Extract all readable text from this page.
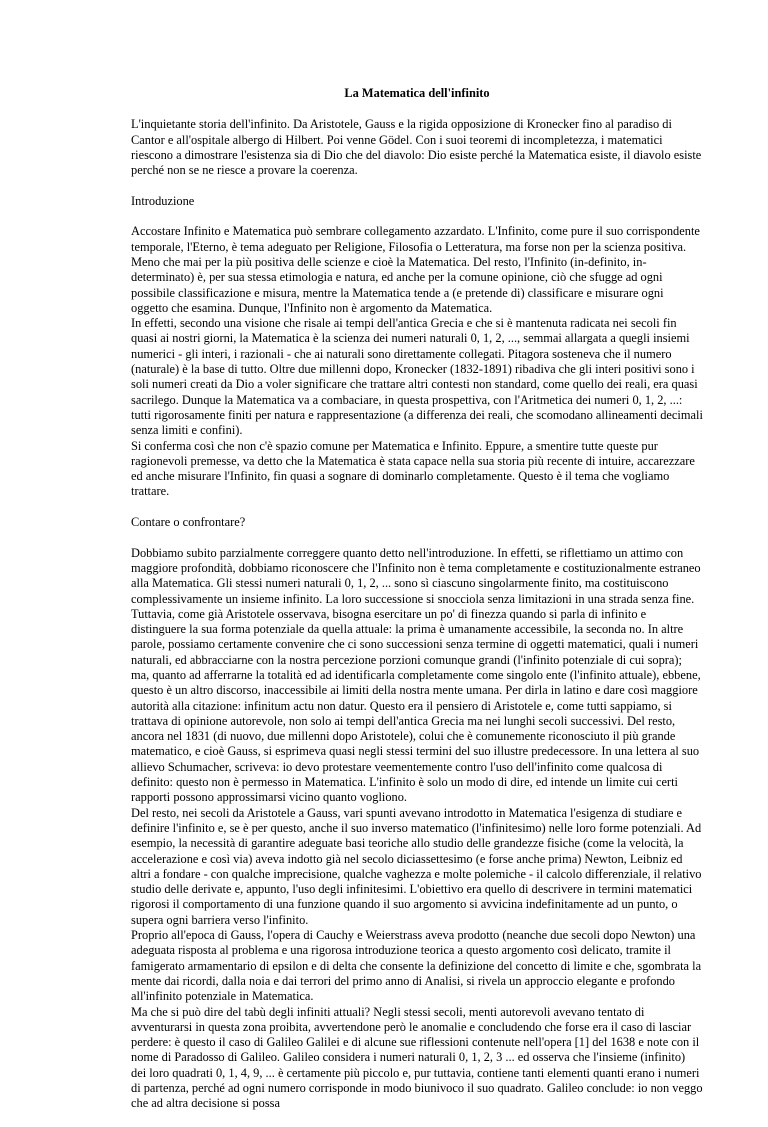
La Matematica dell'infinito

L'inquietante storia dell'infinito. Da Aristotele, Gauss e la rigida opposizione di Kronecker fino al paradiso di Cantor e all'ospitale albergo di Hilbert. Poi venne Gödel. Con i suoi teoremi di incompletezza, i matematici riescono a dimostrare l'esistenza sia di Dio che del diavolo: Dio esiste perché la Matematica esiste, il diavolo esiste perché non se ne riesce a provare la coerenza.

Introduzione

Accostare Infinito e Matematica può sembrare collegamento azzardato. L'Infinito, come pure il suo corrispondente temporale, l'Eterno, è tema adeguato per Religione, Filosofia o Letteratura, ma forse non per la scienza positiva. Meno che mai per la più positiva delle scienze e cioè la Matematica. Del resto, l'Infinito (in-definito, in-determinato) è, per sua stessa etimologia e natura, ed anche per la comune opinione, ciò che sfugge ad ogni possibile classificazione e misura, mentre la Matematica tende a (e pretende di) classificare e misurare ogni oggetto che esamina. Dunque, l'Infinito non è argomento da Matematica.
In effetti, secondo una visione che risale ai tempi dell'antica Grecia e che si è mantenuta radicata nei secoli fin quasi ai nostri giorni, la Matematica è la scienza dei numeri naturali 0, 1, 2, ..., semmai allargata a quegli insiemi numerici - gli interi, i razionali - che ai naturali sono direttamente collegati. Pitagora sosteneva che il numero (naturale) è la base di tutto. Oltre due millenni dopo, Kronecker (1832-1891) ribadiva che gli interi positivi sono i soli numeri creati da Dio a voler significare che trattare altri contesti non standard, come quello dei reali, era quasi sacrilego. Dunque la Matematica va a combaciare, in questa prospettiva, con l'Aritmetica dei numeri 0, 1, 2, ...: tutti rigorosamente finiti per natura e rappresentazione (a differenza dei reali, che scomodano allineamenti decimali senza limiti e confini).
Si conferma così che non c'è spazio comune per Matematica e Infinito. Eppure, a smentire tutte queste pur ragionevoli premesse, va detto che la Matematica è stata capace nella sua storia più recente di intuire, accarezzare ed anche misurare l'Infinito, fin quasi a sognare di dominarlo completamente. Questo è il tema che vogliamo trattare.

Contare o confrontare?

Dobbiamo subito parzialmente correggere quanto detto nell'introduzione. In effetti, se riflettiamo un attimo con maggiore profondità, dobbiamo riconoscere che l'Infinito non è tema completamente e costituzionalmente estraneo alla Matematica. Gli stessi numeri naturali 0, 1, 2, ... sono sì ciascuno singolarmente finito, ma costituiscono complessivamente un insieme infinito. La loro successione si snocciola senza limitazioni in una strada senza fine. Tuttavia, come già Aristotele osservava, bisogna esercitare un po' di finezza quando si parla di infinito e distinguere la sua forma potenziale da quella attuale: la prima è umanamente accessibile, la seconda no. In altre parole, possiamo certamente convenire che ci sono successioni senza termine di oggetti matematici, quali i numeri naturali, ed abbracciarne con la nostra percezione porzioni comunque grandi (l'infinito potenziale di cui sopra); ma, quanto ad afferrarne la totalità ed ad identificarla completamente come singolo ente (l'infinito attuale), ebbene, questo è un altro discorso, inaccessibile ai limiti della nostra mente umana. Per dirla in latino e dare così maggiore autorità alla citazione: infinitum actu non datur. Questo era il pensiero di Aristotele e, come tutti sappiamo, si trattava di opinione autorevole, non solo ai tempi dell'antica Grecia ma nei lunghi secoli successivi. Del resto, ancora nel 1831 (di nuovo, due millenni dopo Aristotele), colui che è comunemente riconosciuto il più grande matematico, e cioè Gauss, si esprimeva quasi negli stessi termini del suo illustre predecessore. In una lettera al suo allievo Schumacher, scriveva: io devo protestare veementemente contro l'uso dell'infinito come qualcosa di definito: questo non è permesso in Matematica. L'infinito è solo un modo di dire, ed intende un limite cui certi rapporti possono approssimarsi vicino quanto vogliono.
Del resto, nei secoli da Aristotele a Gauss, vari spunti avevano introdotto in Matematica l'esigenza di studiare e definire l'infinito e, se è per questo, anche il suo inverso matematico (l'infinitesimo) nelle loro forme potenziali. Ad esempio, la necessità di garantire adeguate basi teoriche allo studio delle grandezze fisiche (come la velocità, la accelerazione e così via) aveva indotto già nel secolo diciassettesimo (e forse anche prima) Newton, Leibniz ed altri a fondare - con qualche imprecisione, qualche vaghezza e molte polemiche - il calcolo differenziale, il relativo studio delle derivate e, appunto, l'uso degli infinitesimi. L'obiettivo era quello di descrivere in termini matematici rigorosi il comportamento di una funzione quando il suo argomento si avvicina indefinitamente ad un punto, o supera ogni barriera verso l'infinito.
Proprio all'epoca di Gauss, l'opera di Cauchy e Weierstrass aveva prodotto (neanche due secoli dopo Newton) una adeguata risposta al problema e una rigorosa introduzione teorica a questo argomento così delicato, tramite il famigerato armamentario di epsilon e di delta che consente la definizione del concetto di limite e che, sgombrata la mente dai ricordi, dalla noia e dai terrori del primo anno di Analisi, si rivela un approccio elegante e profondo all'infinito potenziale in Matematica.
Ma che si può dire del tabù degli infiniti attuali? Negli stessi secoli, menti autorevoli avevano tentato di avventurarsi in questa zona proibita, avvertendone però le anomalie e concludendo che forse era il caso di lasciar perdere: è questo il caso di Galileo Galilei e di alcune sue riflessioni contenute nell'opera [1] del 1638 e note con il nome di Paradosso di Galileo. Galileo considera i numeri naturali 0, 1, 2, 3 ... ed osserva che l'insieme (infinito) dei loro quadrati 0, 1, 4, 9, ... è certamente più piccolo e, pur tuttavia, contiene tanti elementi quanti erano i numeri di partenza, perché ad ogni numero corrisponde in modo biunivoco il suo quadrato. Galileo conclude: io non veggo che ad altra decisione si possa
